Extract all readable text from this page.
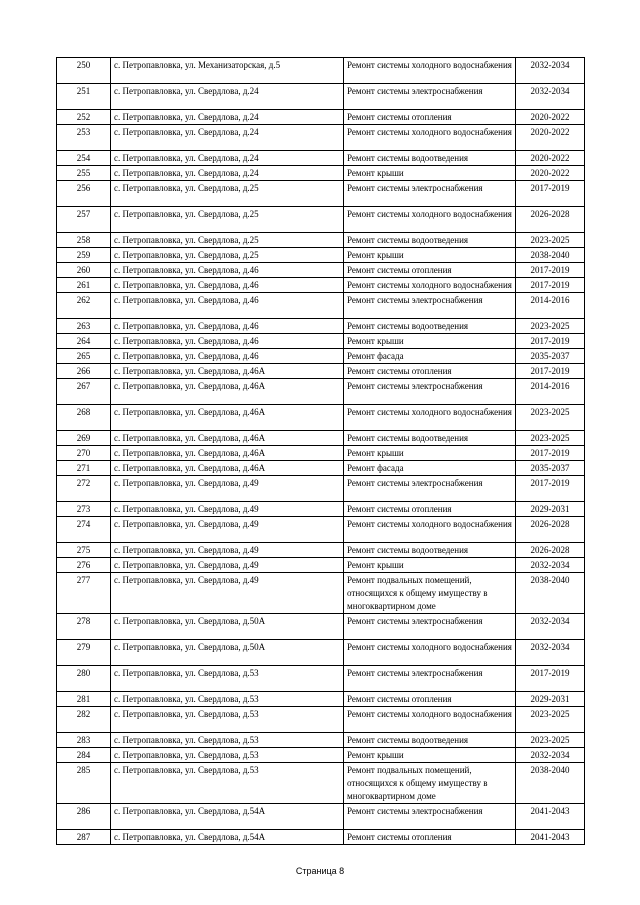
250	с. Петропавловка, ул. Механизаторская, д.5	Ремонт системы холодного водоснабжения	2032-2034
251	с. Петропавловка, ул. Свердлова, д.24	Ремонт системы электроснабжения	2032-2034
252	с. Петропавловка, ул. Свердлова, д.24	Ремонт системы отопления	2020-2022
253	с. Петропавловка, ул. Свердлова, д.24	Ремонт системы холодного водоснабжения	2020-2022
254	с. Петропавловка, ул. Свердлова, д.24	Ремонт системы водоотведения	2020-2022
255	с. Петропавловка, ул. Свердлова, д.24	Ремонт крыши	2020-2022
256	с. Петропавловка, ул. Свердлова, д.25	Ремонт системы электроснабжения	2017-2019
257	с. Петропавловка, ул. Свердлова, д.25	Ремонт системы холодного водоснабжения	2026-2028
258	с. Петропавловка, ул. Свердлова, д.25	Ремонт системы водоотведения	2023-2025
259	с. Петропавловка, ул. Свердлова, д.25	Ремонт крыши	2038-2040
260	с. Петропавловка, ул. Свердлова, д.46	Ремонт системы отопления	2017-2019
261	с. Петропавловка, ул. Свердлова, д.46	Ремонт системы холодного водоснабжения	2017-2019
262	с. Петропавловка, ул. Свердлова, д.46	Ремонт системы электроснабжения	2014-2016
263	с. Петропавловка, ул. Свердлова, д.46	Ремонт системы водоотведения	2023-2025
264	с. Петропавловка, ул. Свердлова, д.46	Ремонт крыши	2017-2019
265	с. Петропавловка, ул. Свердлова, д.46	Ремонт фасада	2035-2037
266	с. Петропавловка, ул. Свердлова, д.46А	Ремонт системы отопления	2017-2019
267	с. Петропавловка, ул. Свердлова, д.46А	Ремонт системы электроснабжения	2014-2016
268	с. Петропавловка, ул. Свердлова, д.46А	Ремонт системы холодного водоснабжения	2023-2025
269	с. Петропавловка, ул. Свердлова, д.46А	Ремонт системы водоотведения	2023-2025
270	с. Петропавловка, ул. Свердлова, д.46А	Ремонт крыши	2017-2019
271	с. Петропавловка, ул. Свердлова, д.46А	Ремонт фасада	2035-2037
272	с. Петропавловка, ул. Свердлова, д.49	Ремонт системы электроснабжения	2017-2019
273	с. Петропавловка, ул. Свердлова, д.49	Ремонт системы отопления	2029-2031
274	с. Петропавловка, ул. Свердлова, д.49	Ремонт системы холодного водоснабжения	2026-2028
275	с. Петропавловка, ул. Свердлова, д.49	Ремонт системы водоотведения	2026-2028
276	с. Петропавловка, ул. Свердлова, д.49	Ремонт крыши	2032-2034
277	с. Петропавловка, ул. Свердлова, д.49	Ремонт подвальных помещений, относящихся к общему имуществу в многоквартирном доме	2038-2040
278	с. Петропавловка, ул. Свердлова, д.50А	Ремонт системы электроснабжения	2032-2034
279	с. Петропавловка, ул. Свердлова, д.50А	Ремонт системы холодного водоснабжения	2032-2034
280	с. Петропавловка, ул. Свердлова, д.53	Ремонт системы электроснабжения	2017-2019
281	с. Петропавловка, ул. Свердлова, д.53	Ремонт системы отопления	2029-2031
282	с. Петропавловка, ул. Свердлова, д.53	Ремонт системы холодного водоснабжения	2023-2025
283	с. Петропавловка, ул. Свердлова, д.53	Ремонт системы водоотведения	2023-2025
284	с. Петропавловка, ул. Свердлова, д.53	Ремонт крыши	2032-2034
285	с. Петропавловка, ул. Свердлова, д.53	Ремонт подвальных помещений, относящихся к общему имуществу в многоквартирном доме	2038-2040
286	с. Петропавловка, ул. Свердлова, д.54А	Ремонт системы электроснабжения	2041-2043
287	с. Петропавловка, ул. Свердлова, д.54А	Ремонт системы отопления	2041-2043
Страница 8
